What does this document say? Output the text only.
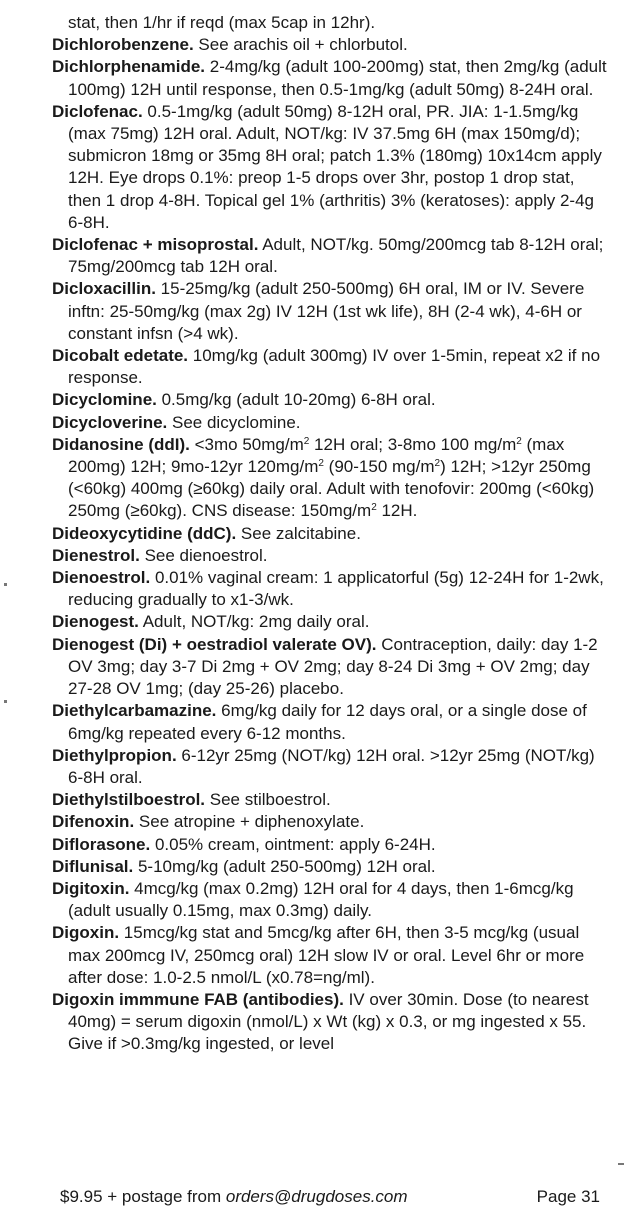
stat, then 1/hr if reqd (max 5cap in 12hr).

Dichlorobenzene. See arachis oil + chlorbutol.

Dichlorphenamide. 2-4mg/kg (adult 100-200mg) stat, then 2mg/kg (adult 100mg) 12H until response, then 0.5-1mg/kg (adult 50mg) 8-24H oral.

Diclofenac. 0.5-1mg/kg (adult 50mg) 8-12H oral, PR. JIA: 1-1.5mg/kg (max 75mg) 12H oral. Adult, NOT/kg: IV 37.5mg 6H (max 150mg/d); submicron 18mg or 35mg 8H oral; patch 1.3% (180mg) 10x14cm apply 12H. Eye drops 0.1%: preop 1-5 drops over 3hr, postop 1 drop stat, then 1 drop 4-8H. Topical gel 1% (arthritis) 3% (keratoses): apply 2-4g 6-8H.

Diclofenac + misoprostal. Adult, NOT/kg. 50mg/200mcg tab 8-12H oral; 75mg/200mcg tab 12H oral.

Dicloxacillin. 15-25mg/kg (adult 250-500mg) 6H oral, IM or IV. Severe inftn: 25-50mg/kg (max 2g) IV 12H (1st wk life), 8H (2-4 wk), 4-6H or constant infsn (>4 wk).

Dicobalt edetate. 10mg/kg (adult 300mg) IV over 1-5min, repeat x2 if no response.

Dicyclomine. 0.5mg/kg (adult 10-20mg) 6-8H oral.

Dicycloverine. See dicyclomine.

Didanosine (ddI). <3mo $50mg/m^2$ 12H oral; 3-8mo 100 $mg/m^2$ (max 200mg) 12H; 9mo-12yr $120mg/m^2$ (90-150 $mg/m^2$) 12H; >12yr 250mg (<60kg) 400mg (≥60kg) daily oral. Adult with tenofovir: 200mg (<60kg) 250mg (≥60kg). CNS disease: $150mg/m^2$ 12H.

Dideoxycytidine (ddC). See zalcitabine.

Dienestrol. See dienoestrol.

Dienoestrol. 0.01% vaginal cream: 1 applicatorful (5g) 12-24H for 1-2wk, reducing gradually to x1-3/wk.

Dienogest. Adult, NOT/kg: 2mg daily oral.

Dienogest (Di) + oestradiol valerate OV). Contraception, daily: day 1-2 OV 3mg; day 3-7 Di 2mg + OV 2mg; day 8-24 Di 3mg + OV 2mg; day 27-28 OV 1mg; (day 25-26) placebo.

Diethylcarbamazine. 6mg/kg daily for 12 days oral, or a single dose of 6mg/kg repeated every 6-12 months.

Diethylpropion. 6-12yr 25mg (NOT/kg) 12H oral. >12yr 25mg (NOT/kg) 6-8H oral.

Diethylstilboestrol. See stilboestrol.

Difenoxin. See atropine + diphenoxylate.

Diflorasone. 0.05% cream, ointment: apply 6-24H.

Diflunisal. 5-10mg/kg (adult 250-500mg) 12H oral.

Digitoxin. 4mcg/kg (max 0.2mg) 12H oral for 4 days, then 1-6mcg/kg (adult usually 0.15mg, max 0.3mg) daily.

Digoxin. 15mcg/kg stat and 5mcg/kg after 6H, then 3-5 mcg/kg (usual max 200mcg IV, 250mcg oral) 12H slow IV or oral. Level 6hr or more after dose: 1.0-2.5 nmol/L (x0.78=ng/ml).

Digoxin immmune FAB (antibodies). IV over 30min. Dose (to nearest 40mg) = serum digoxin (nmol/L) x Wt (kg) x 0.3, or mg ingested x 55. Give if >0.3mg/kg ingested, or level

$9.95 + postage from orders@drugdoses.com	Page 31
